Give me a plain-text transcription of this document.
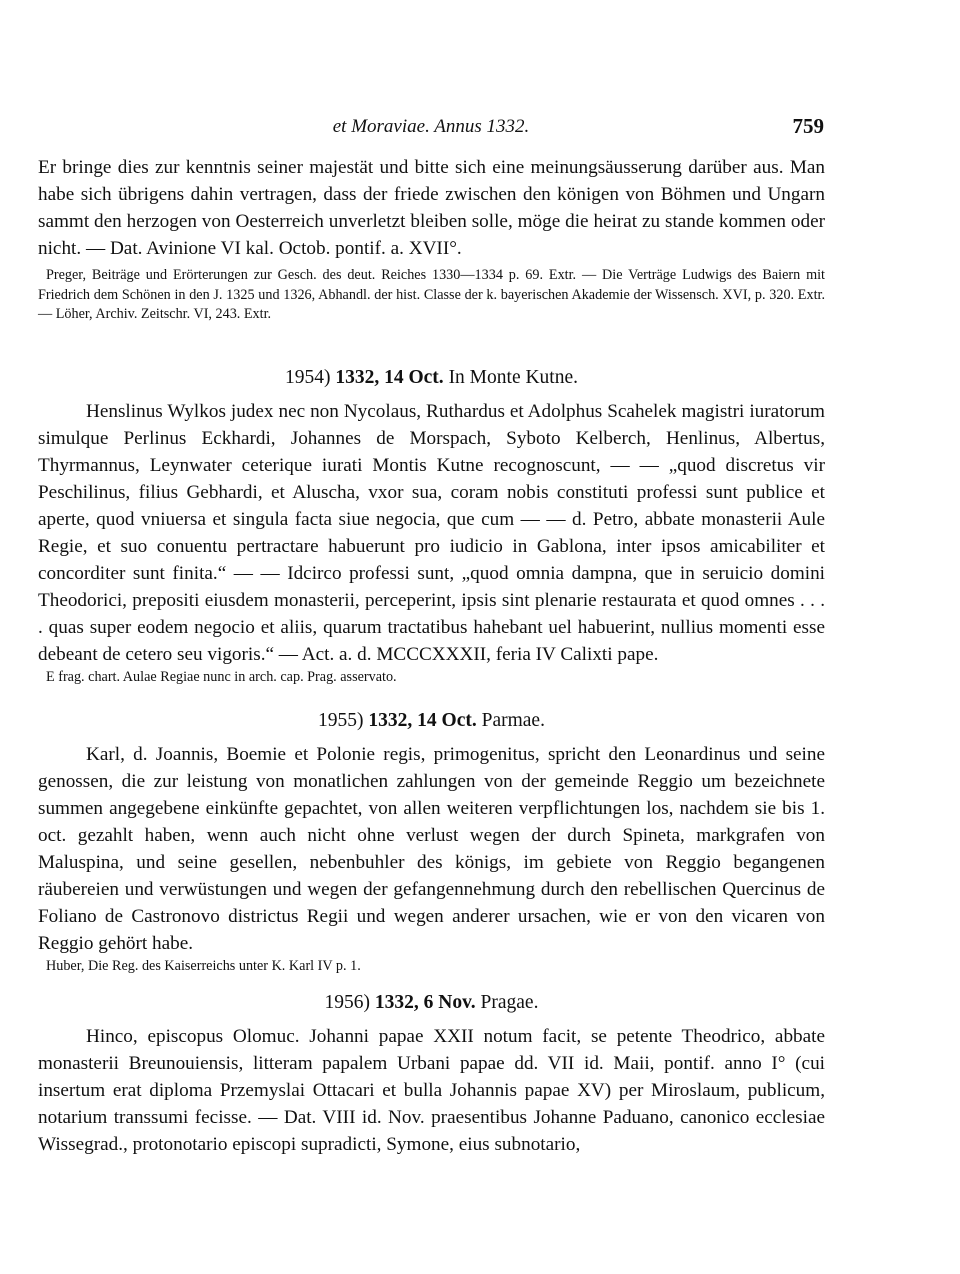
et Moraviae. Annus 1332.	759

Er bringe dies zur kenntnis seiner majestät und bitte sich eine meinungsäusserung darüber aus. Man habe sich übrigens dahin vertragen, dass der friede zwischen den königen von Böhmen und Ungarn sammt den herzogen von Oesterreich unverletzt bleiben solle, möge die heirat zu stande kommen oder nicht. — Dat. Avinione VI kal. Octob. pontif. a. XVII°.

Preger, Beiträge und Erörterungen zur Gesch. des deut. Reiches 1330—1334 p. 69. Extr. — Die Verträge Ludwigs des Baiern mit Friedrich dem Schönen in den J. 1325 und 1326, Abhandl. der hist. Classe der k. bayerischen Akademie der Wissensch. XVI, p. 320. Extr. — Löher, Archiv. Zeitschr. VI, 243. Extr.

1954) 1332, 14 Oct. In Monte Kutne.

Henslinus Wylkos judex nec non Nycolaus, Ruthardus et Adolphus Scahelek magistri iuratorum simulque Perlinus Eckhardi, Johannes de Morspach, Syboto Kelberch, Henlinus, Albertus, Thyrmannus, Leynwater ceterique iurati Montis Kutne recognoscunt, — — „quod discretus vir Peschilinus, filius Gebhardi, et Aluscha, vxor sua, coram nobis constituti professi sunt publice et aperte, quod vniuersa et singula facta siue negocia, que cum — — d. Petro, abbate monasterii Aule Regie, et suo conuentu pertractare habuerunt pro iudicio in Gablona, inter ipsos amicabiliter et concorditer sunt finita.“ — — Idcirco professi sunt, „quod omnia dampna, que in seruicio domini Theodorici, prepositi eiusdem monasterii, perceperint, ipsis sint plenarie restaurata et quod omnes . . . . quas super eodem negocio et aliis, quarum tractatibus hahebant uel habuerint, nullius momenti esse debeant de cetero seu vigoris.“ — Act. a. d. MCCCXXXII, feria IV Calixti pape.

E frag. chart. Aulae Regiae nunc in arch. cap. Prag. asservato.

1955) 1332, 14 Oct. Parmae.

Karl, d. Joannis, Boemie et Polonie regis, primogenitus, spricht den Leonardinus und seine genossen, die zur leistung von monatlichen zahlungen von der gemeinde Reggio um bezeichnete summen angegebene einkünfte gepachtet, von allen weiteren verpflichtungen los, nachdem sie bis 1. oct. gezahlt haben, wenn auch nicht ohne verlust wegen der durch Spineta, markgrafen von Maluspina, und seine gesellen, nebenbuhler des königs, im gebiete von Reggio begangenen räubereien und verwüstungen und wegen der gefangennehmung durch den rebellischen Quercinus de Foliano de Castronovo districtus Regii und wegen anderer ursachen, wie er von den vicaren von Reggio gehört habe.

Huber, Die Reg. des Kaiserreichs unter K. Karl IV p. 1.

1956) 1332, 6 Nov. Pragae.

Hinco, episcopus Olomuc. Johanni papae XXII notum facit, se petente Theodrico, abbate monasterii Breunouiensis, litteram papalem Urbani papae dd. VII id. Maii, pontif. anno I° (cui insertum erat diploma Przemyslai Ottacari et bulla Johannis papae XV) per Miroslaum, publicum, notarium transsumi fecisse. — Dat. VIII id. Nov. praesentibus Johanne Paduano, canonico ecclesiae Wissegrad., protonotario episcopi supradicti, Symone, eius subnotario,
